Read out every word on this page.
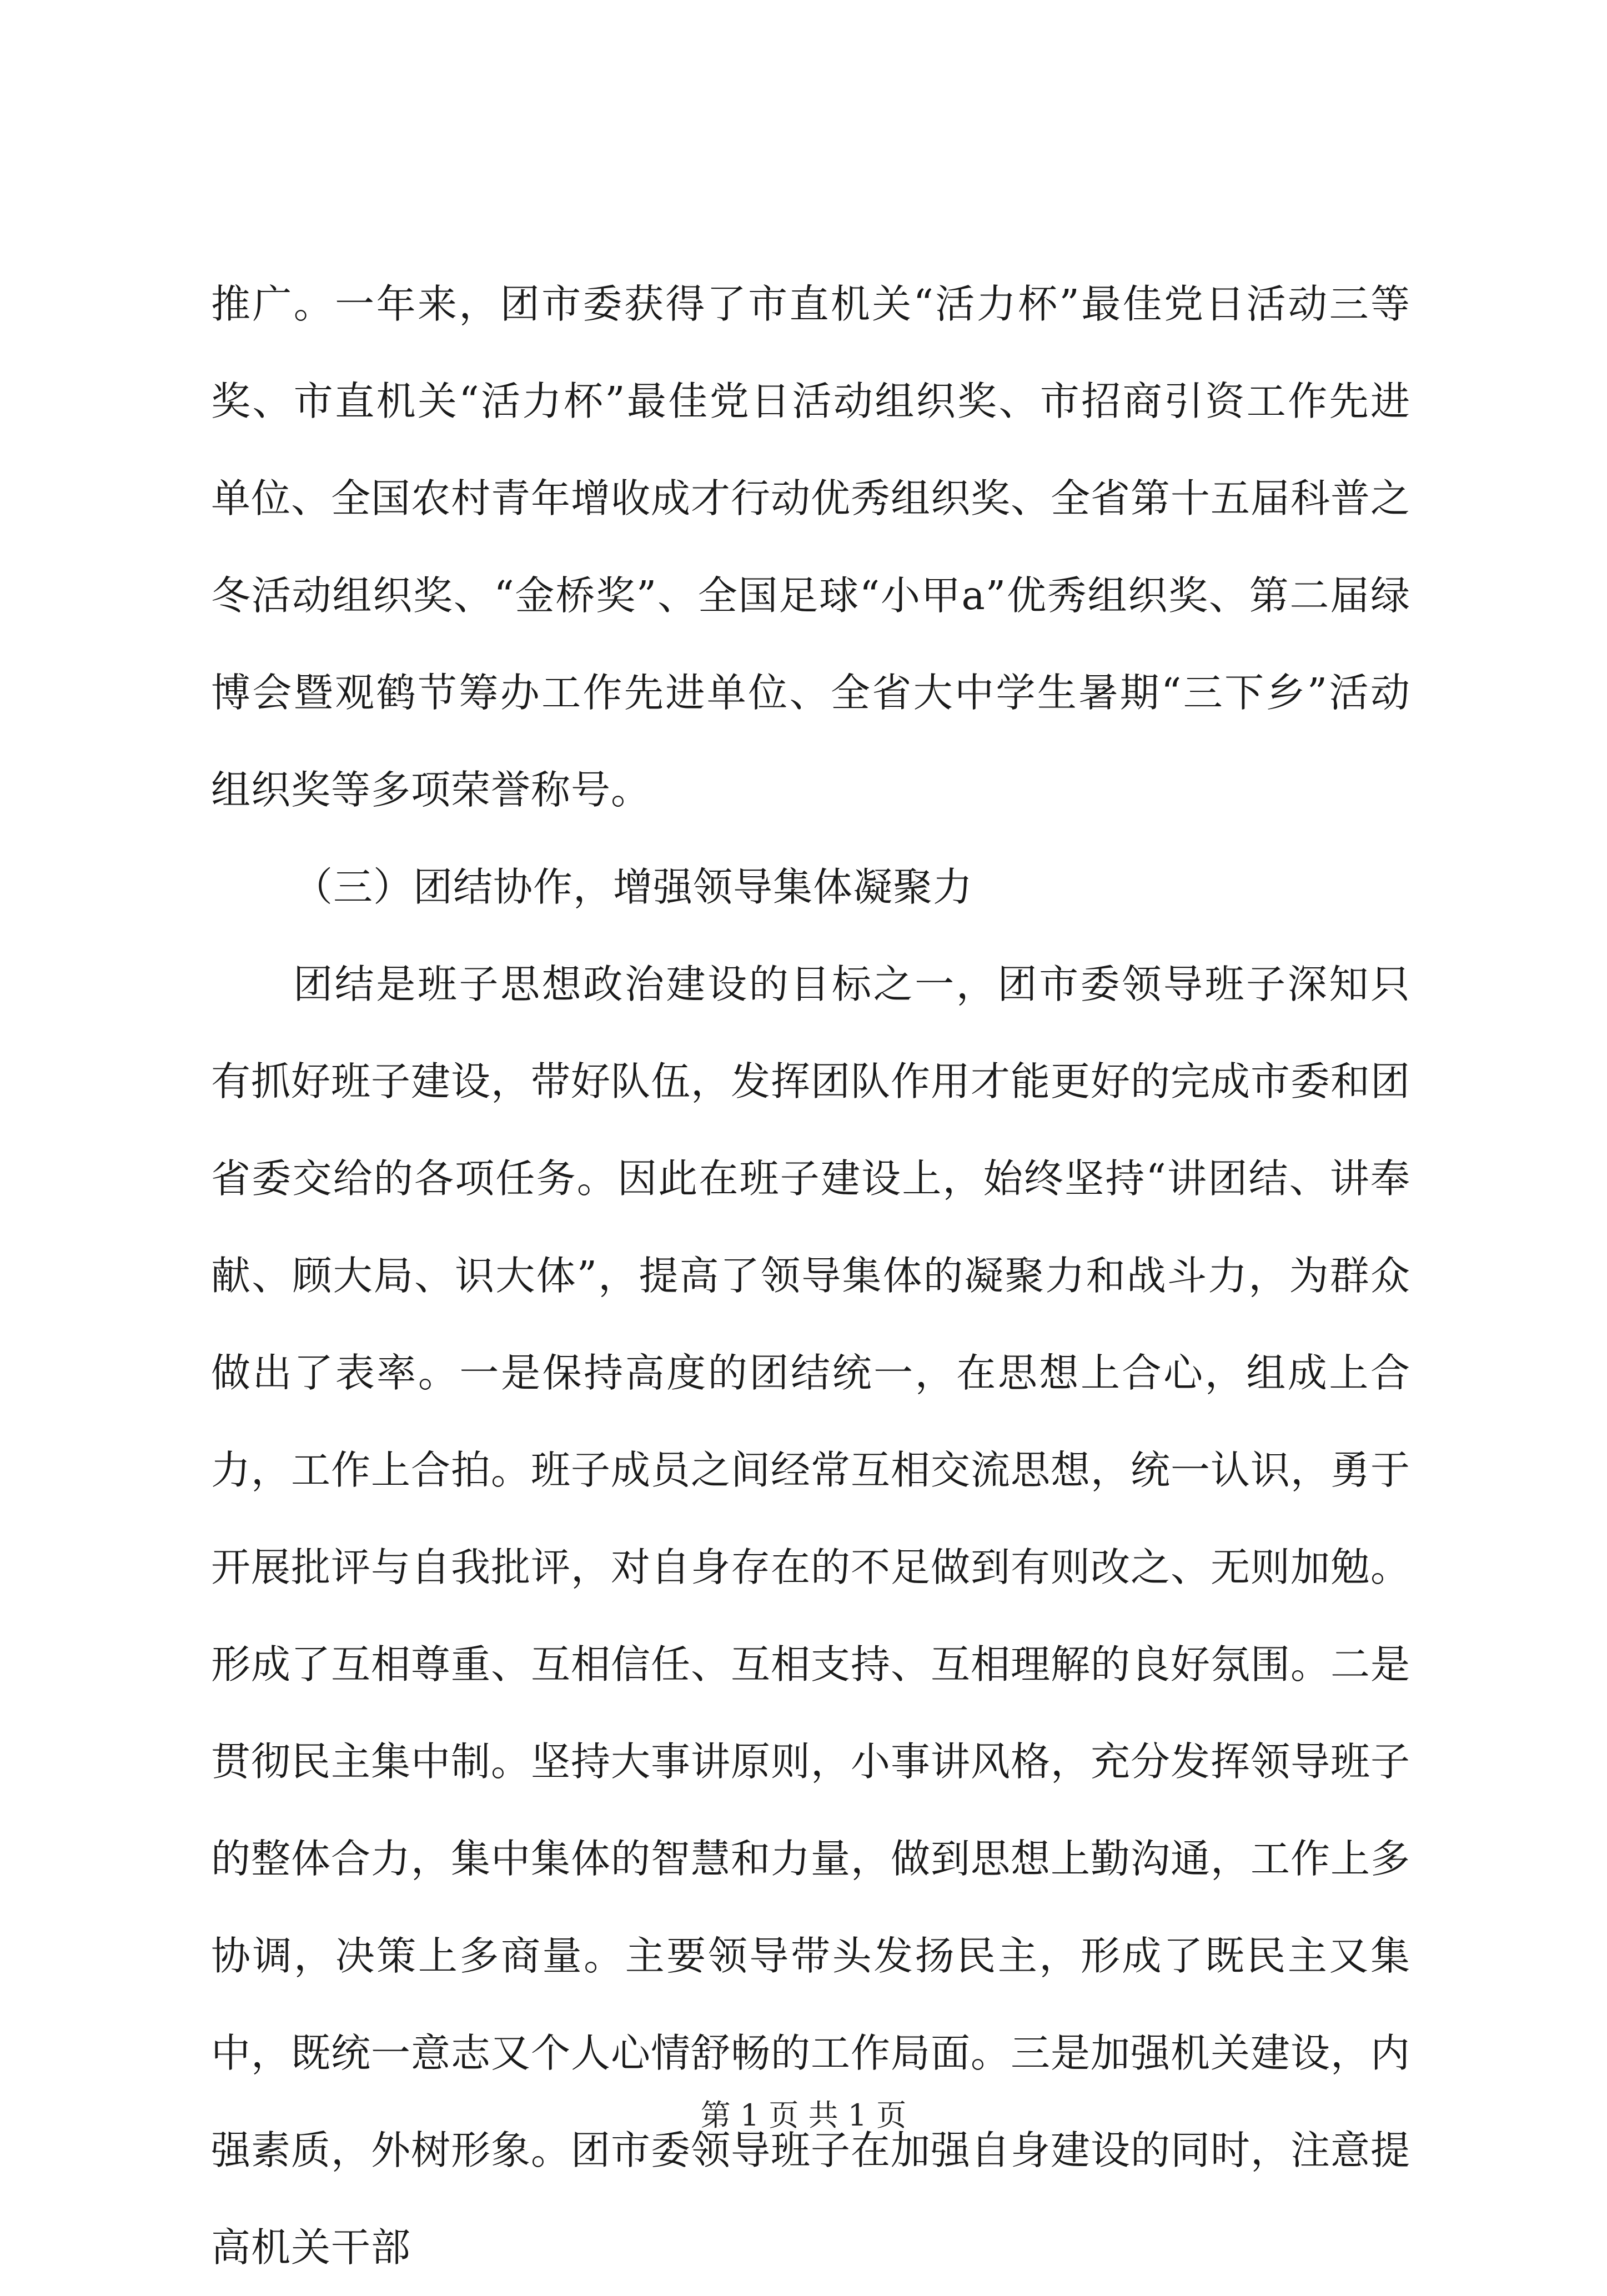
推广。一年来，团市委获得了市直机关“活力杯”最佳党日活动三等奖、市直机关“活力杯”最佳党日活动组织奖、市招商引资工作先进单位、全国农村青年增收成才行动优秀组织奖、全省第十五届科普之冬活动组织奖、“金桥奖”、全国足球“小甲a”优秀组织奖、第二届绿博会暨观鹤节筹办工作先进单位、全省大中学生暑期“三下乡”活动组织奖等多项荣誉称号。

（三）团结协作，增强领导集体凝聚力

团结是班子思想政治建设的目标之一，团市委领导班子深知只有抓好班子建设，带好队伍，发挥团队作用才能更好的完成市委和团省委交给的各项任务。因此在班子建设上，始终坚持“讲团结、讲奉献、顾大局、识大体”，提高了领导集体的凝聚力和战斗力，为群众做出了表率。一是保持高度的团结统一，在思想上合心，组成上合力，工作上合拍。班子成员之间经常互相交流思想，统一认识，勇于开展批评与自我批评，对自身存在的不足做到有则改之、无则加勉。形成了互相尊重、互相信任、互相支持、互相理解的良好氛围。二是贯彻民主集中制。坚持大事讲原则，小事讲风格，充分发挥领导班子的整体合力，集中集体的智慧和力量，做到思想上勤沟通，工作上多协调，决策上多商量。主要领导带头发扬民主，形成了既民主又集中，既统一意志又个人心情舒畅的工作局面。三是加强机关建设，内强素质，外树形象。团市委领导班子在加强自身建设的同时，注意提高机关干部

第 1 页 共 1 页
